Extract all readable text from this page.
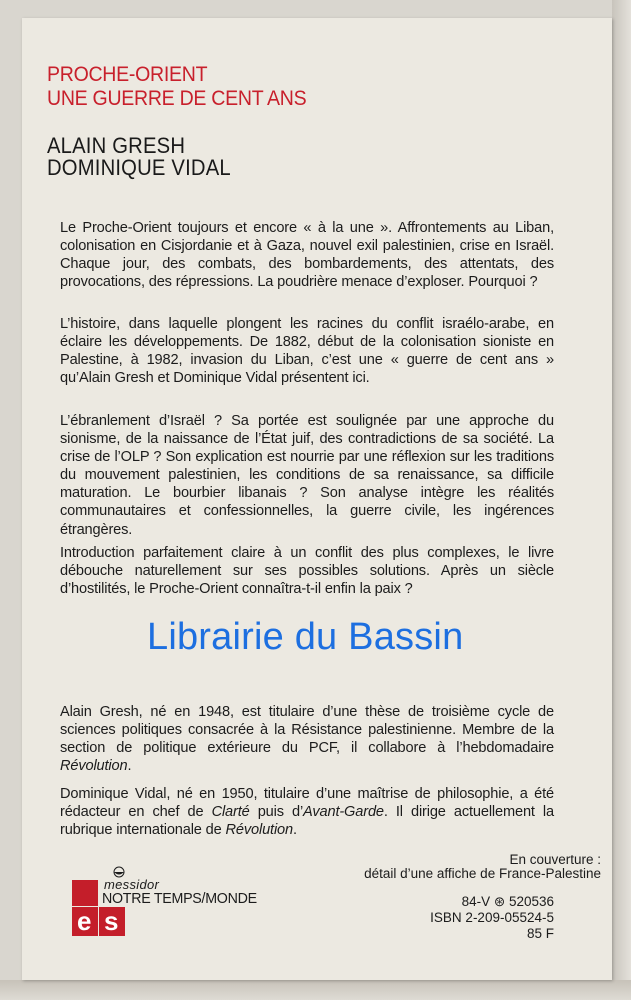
PROCHE-ORIENT
UNE GUERRE DE CENT ANS
ALAIN GRESH
DOMINIQUE VIDAL

Le Proche-Orient toujours et encore « à la une ». Affrontements au Liban, colonisation en Cisjordanie et à Gaza, nouvel exil palestinien, crise en Israël. Chaque jour, des combats, des bombardements, des attentats, des provocations, des répressions. La poudrière menace d’exploser. Pourquoi ?

L’histoire, dans laquelle plongent les racines du conflit israélo-arabe, en éclaire les développements. De 1882, début de la colonisation sioniste en Palestine, à 1982, invasion du Liban, c’est une « guerre de cent ans » qu’Alain Gresh et Dominique Vidal présentent ici.

L’ébranlement d’Israël ? Sa portée est soulignée par une approche du sionisme, de la naissance de l’État juif, des contradictions de sa société. La crise de l’OLP ? Son explication est nourrie par une réflexion sur les traditions du mouvement palestinien, les conditions de sa renaissance, sa difficile maturation. Le bourbier libanais ? Son analyse intègre les réalités communautaires et confessionnelles, la guerre civile, les ingérences étrangères.

Introduction parfaitement claire à un conflit des plus complexes, le livre débouche naturellement sur ses possibles solutions. Après un siècle d’hostilités, le Proche-Orient connaîtra-t-il enfin la paix ?

Librairie du Bassin

Alain Gresh, né en 1948, est titulaire d’une thèse de troisième cycle de sciences politiques consacrée à la Résistance palestinienne. Membre de la section de politique extérieure du PCF, il collabore à l’hebdomadaire Révolution.

Dominique Vidal, né en 1950, titulaire d’une maîtrise de philosophie, a été rédacteur en chef de Clarté puis d’Avant-Garde. Il dirige actuellement la rubrique internationale de Révolution.

En couverture :
détail d’une affiche de France-Palestine
e s
messidor
NOTRE TEMPS/MONDE	84-V ⊛ 520536
ISBN 2-209-05524-5
85 F
